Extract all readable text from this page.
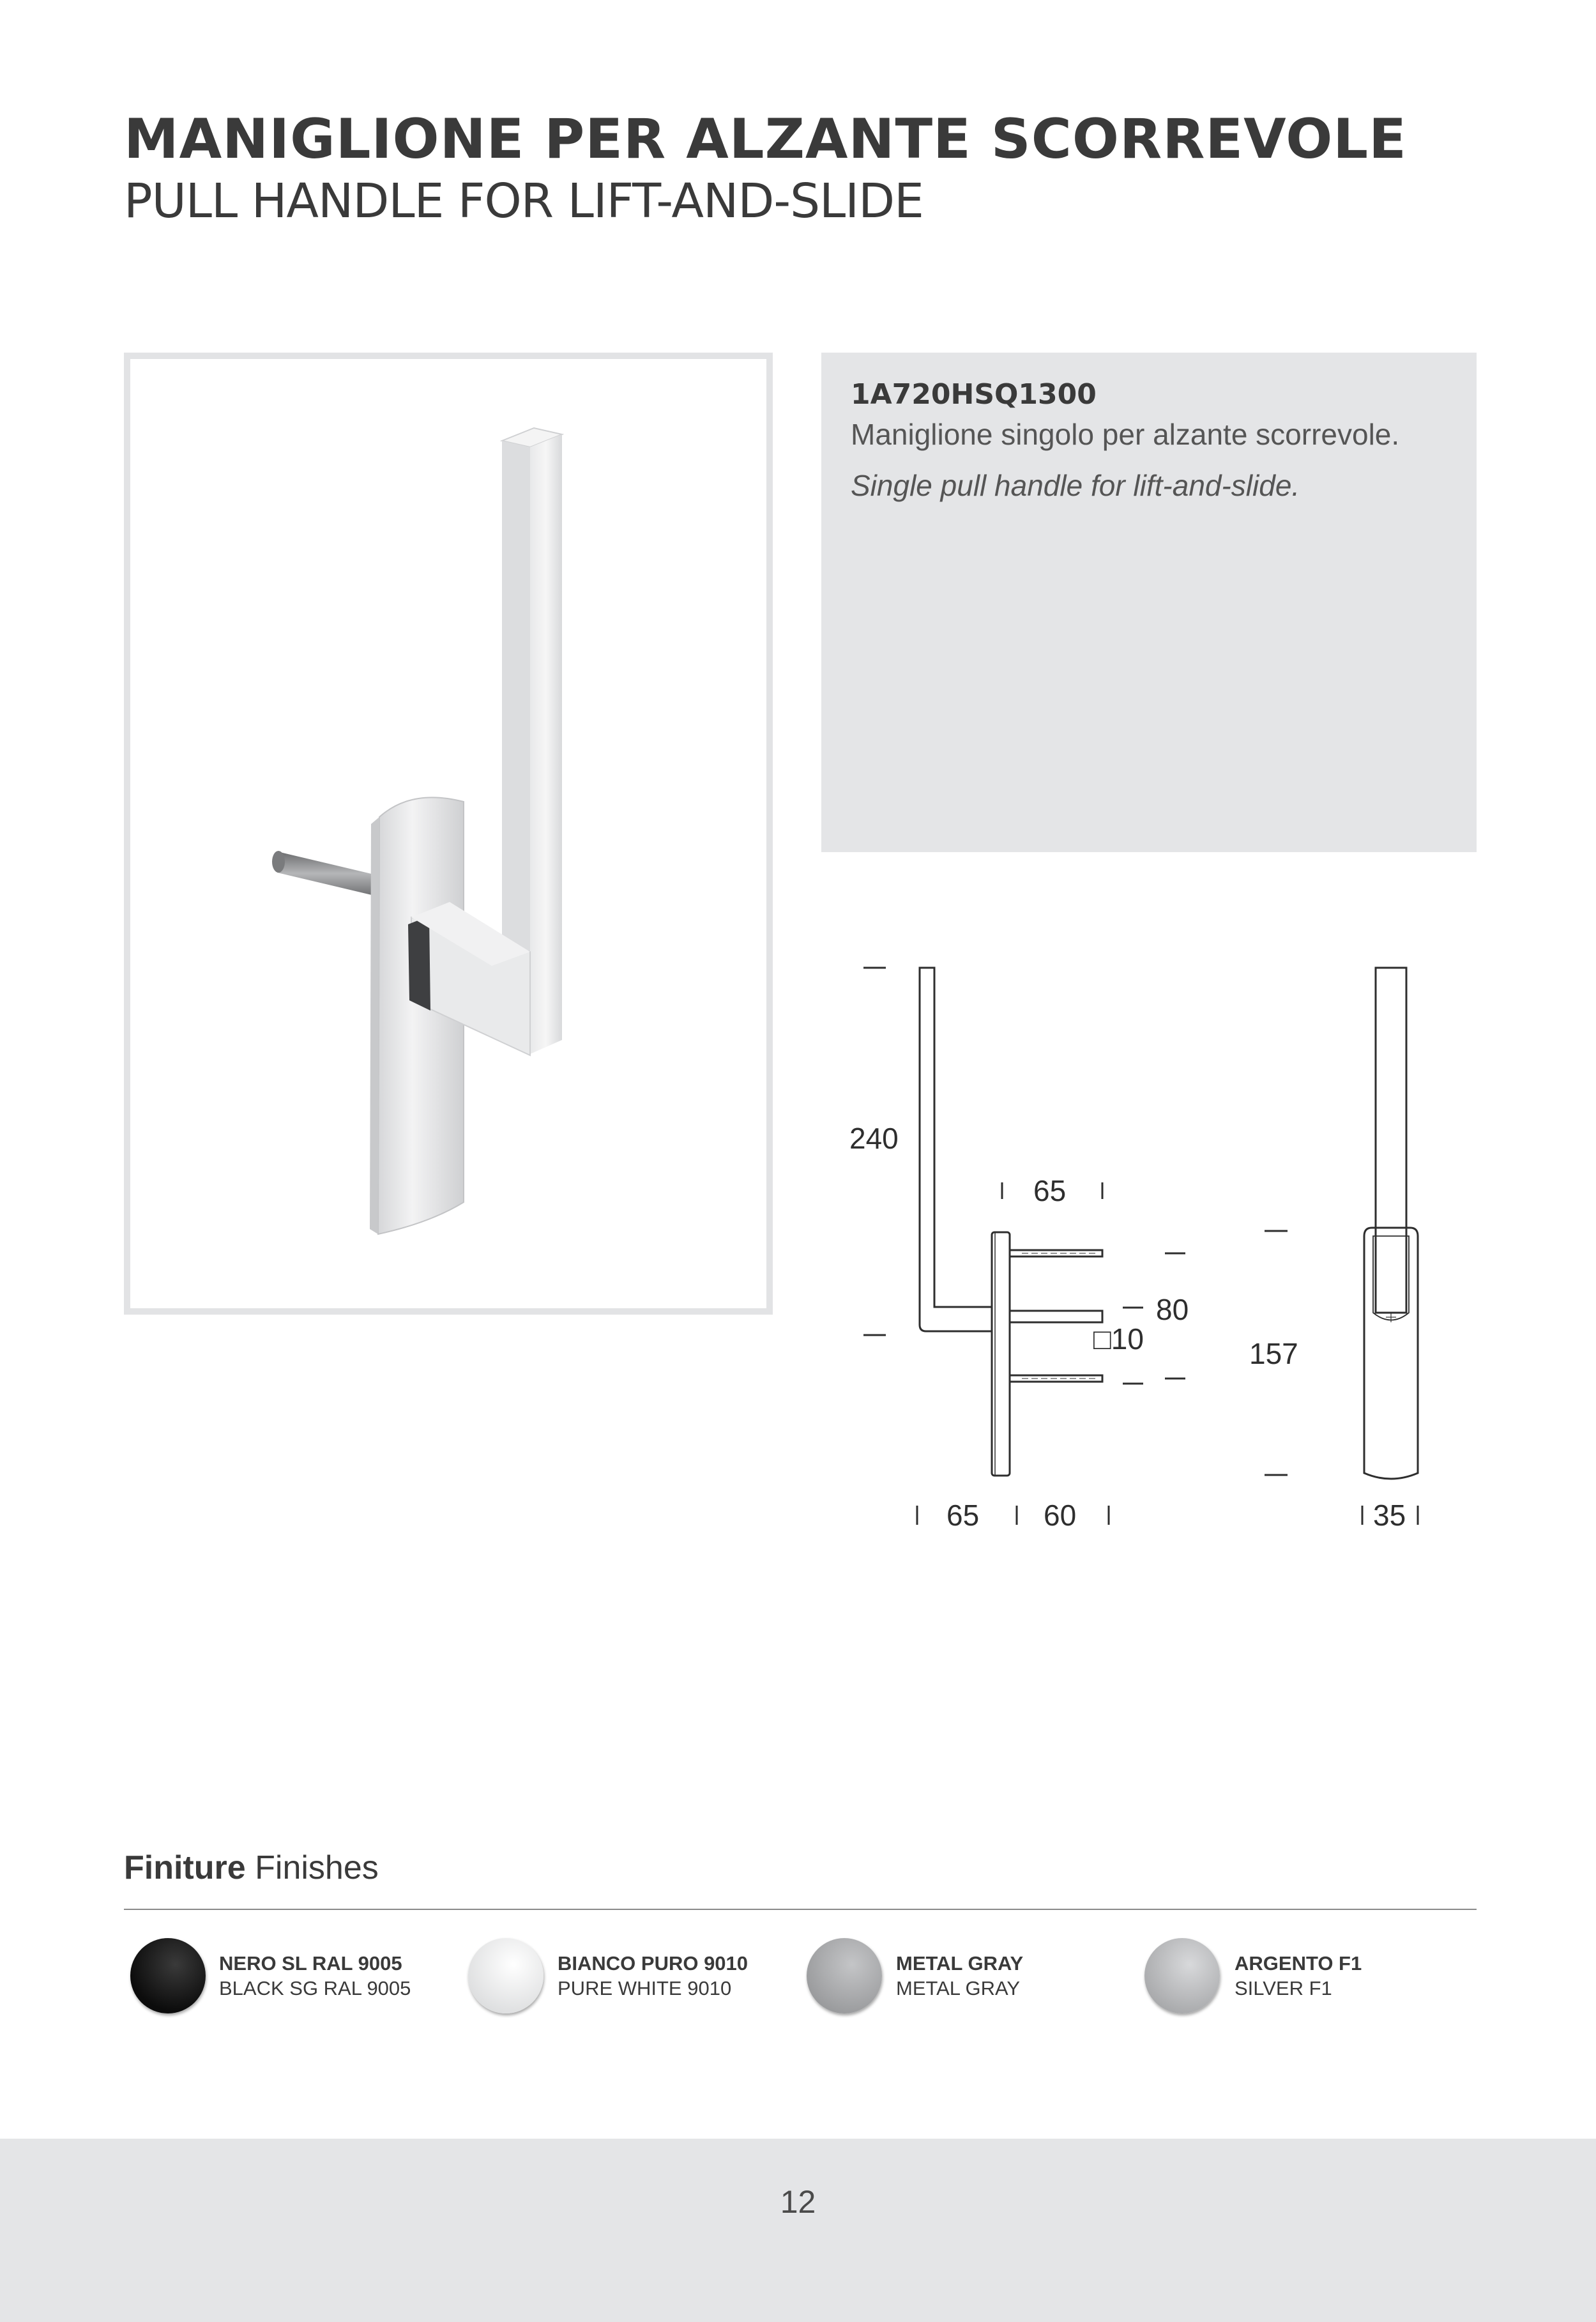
MANIGLIONE PER ALZANTE SCORREVOLE
PULL HANDLE FOR LIFT-AND-SLIDE
1A720HSQ1300
Maniglione singolo per alzante scorrevole.
Single pull handle for lift-and-slide.
240
65
80
□10	157
65 60	35
Finiture Finishes
NERO SL RAL 9005
BLACK SG RAL 9005
BIANCO PURO 9010
PURE WHITE 9010
METAL GRAY
METAL GRAY
ARGENTO F1
SILVER F1
12
